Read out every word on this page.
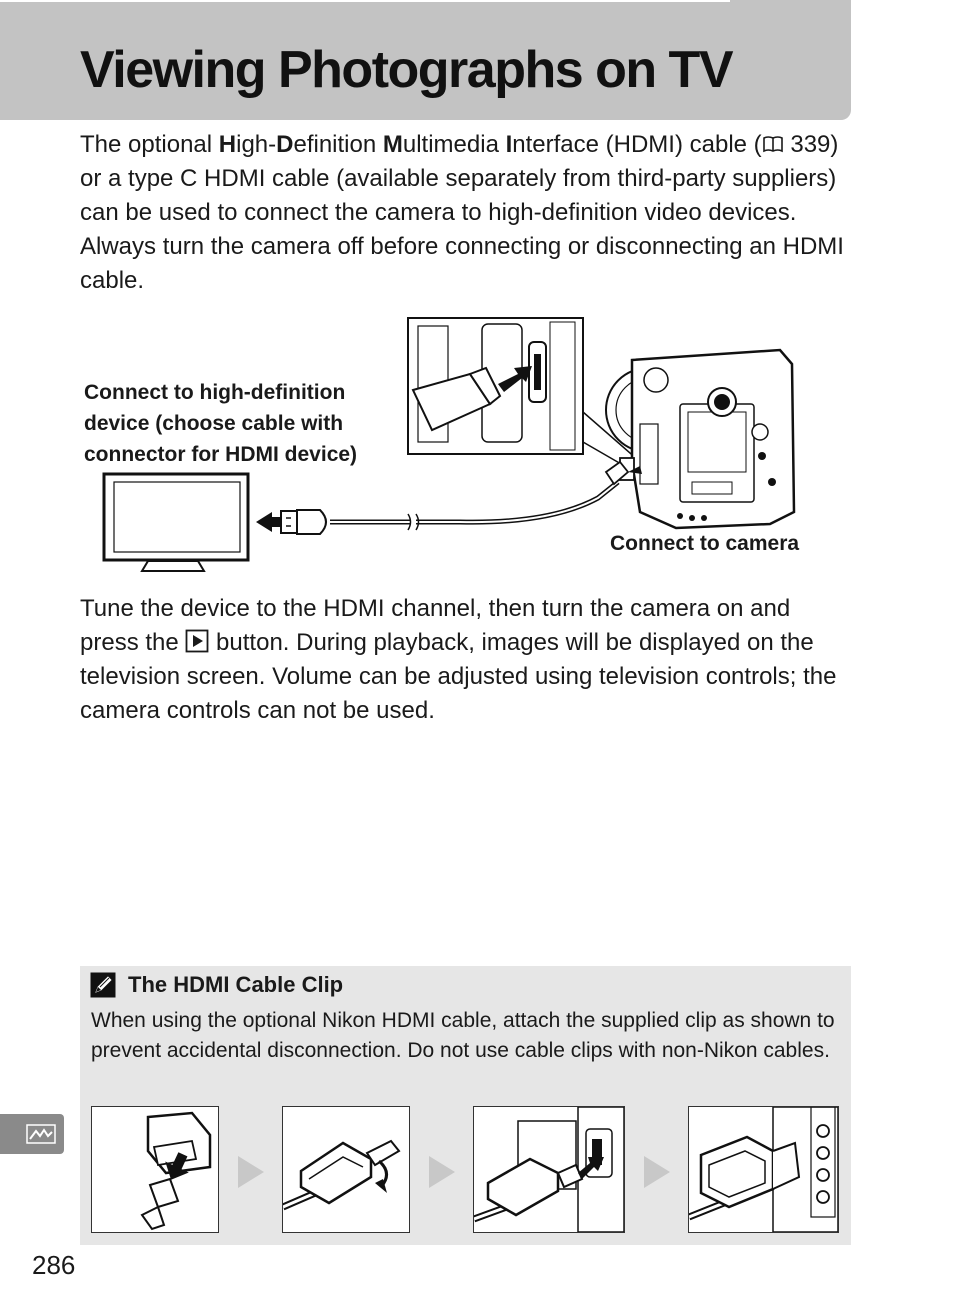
Viewing Photographs on TV

The optional High-Definition Multimedia Interface (HDMI) cable ( 339) or a type C HDMI cable (available separately from third-party suppliers) can be used to connect the camera to high-definition video devices. Always turn the camera off before connecting or disconnecting an HDMI cable.

Connect to high-definition device (choose cable with connector for HDMI device)

Connect to camera

Tune the device to the HDMI channel, then turn the camera on and press the  button. During playback, images will be displayed on the television screen. Volume can be adjusted using television controls; the camera controls can not be used.

The HDMI Cable Clip

When using the optional Nikon HDMI cable, attach the supplied clip as shown to prevent accidental disconnection. Do not use cable clips with non-Nikon cables.

286
